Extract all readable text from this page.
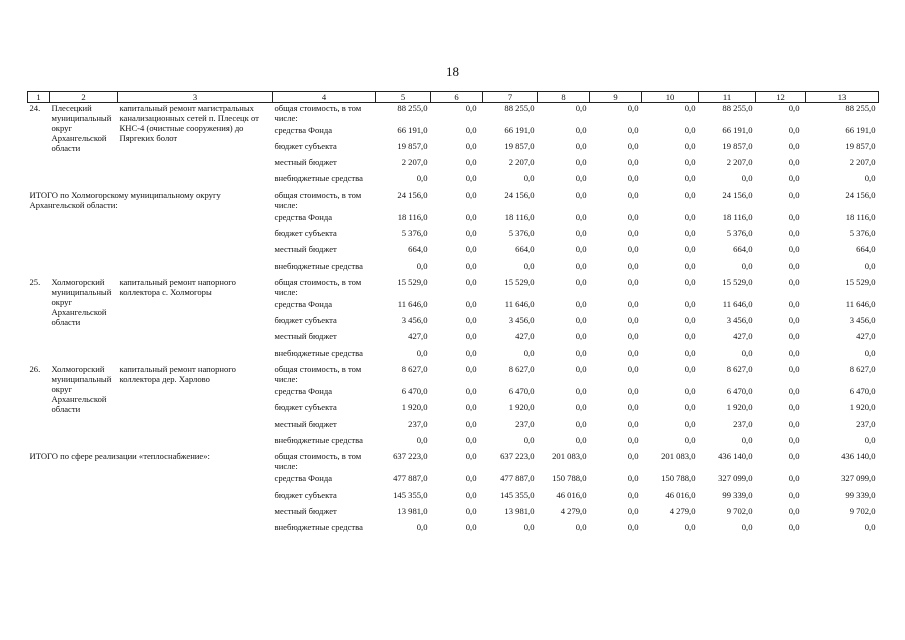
18
1	2	3	4	5	6	7	8	9	10	11	12	13
24.	Плесецкий муниципальный округ Архангельской области	капитальный ремонт магистральных канализационных сетей п. Плесецк от КНС-4 (очистные сооружения) до Пяргеких болот	общая стоимость, в том числе:	88 255,0	0,0	88 255,0	0,0	0,0	0,0	88 255,0	0,0	88 255,0
			средства Фонда	66 191,0	0,0	66 191,0	0,0	0,0	0,0	66 191,0	0,0	66 191,0
			бюджет субъекта	19 857,0	0,0	19 857,0	0,0	0,0	0,0	19 857,0	0,0	19 857,0
			местный бюджет	2 207,0	0,0	2 207,0	0,0	0,0	0,0	2 207,0	0,0	2 207,0
			внебюджетные средства	0,0	0,0	0,0	0,0	0,0	0,0	0,0	0,0	0,0
ИТОГО по Холмогорскому муниципальному округу Архангельской области:			общая стоимость, в том числе:	24 156,0	0,0	24 156,0	0,0	0,0	0,0	24 156,0	0,0	24 156,0
			средства Фонда	18 116,0	0,0	18 116,0	0,0	0,0	0,0	18 116,0	0,0	18 116,0
			бюджет субъекта	5 376,0	0,0	5 376,0	0,0	0,0	0,0	5 376,0	0,0	5 376,0
			местный бюджет	664,0	0,0	664,0	0,0	0,0	0,0	664,0	0,0	664,0
			внебюджетные средства	0,0	0,0	0,0	0,0	0,0	0,0	0,0	0,0	0,0
25.	Холмогорский муниципальный округ Архангельской области	капитальный ремонт напорного коллектора с. Холмогоры	общая стоимость, в том числе:	15 529,0	0,0	15 529,0	0,0	0,0	0,0	15 529,0	0,0	15 529,0
			средства Фонда	11 646,0	0,0	11 646,0	0,0	0,0	0,0	11 646,0	0,0	11 646,0
			бюджет субъекта	3 456,0	0,0	3 456,0	0,0	0,0	0,0	3 456,0	0,0	3 456,0
			местный бюджет	427,0	0,0	427,0	0,0	0,0	0,0	427,0	0,0	427,0
			внебюджетные средства	0,0	0,0	0,0	0,0	0,0	0,0	0,0	0,0	0,0
26.	Холмогорский муниципальный округ Архангельской области	капитальный ремонт напорного коллектора дер. Харлово	общая стоимость, в том числе:	8 627,0	0,0	8 627,0	0,0	0,0	0,0	8 627,0	0,0	8 627,0
			средства Фонда	6 470,0	0,0	6 470,0	0,0	0,0	0,0	6 470,0	0,0	6 470,0
			бюджет субъекта	1 920,0	0,0	1 920,0	0,0	0,0	0,0	1 920,0	0,0	1 920,0
			местный бюджет	237,0	0,0	237,0	0,0	0,0	0,0	237,0	0,0	237,0
			внебюджетные средства	0,0	0,0	0,0	0,0	0,0	0,0	0,0	0,0	0,0
ИТОГО по сфере реализации «теплоснабжение»:			общая стоимость, в том числе:	637 223,0	0,0	637 223,0	201 083,0	0,0	201 083,0	436 140,0	0,0	436 140,0
			средства Фонда	477 887,0	0,0	477 887,0	150 788,0	0,0	150 788,0	327 099,0	0,0	327 099,0
			бюджет субъекта	145 355,0	0,0	145 355,0	46 016,0	0,0	46 016,0	99 339,0	0,0	99 339,0
			местный бюджет	13 981,0	0,0	13 981,0	4 279,0	0,0	4 279,0	9 702,0	0,0	9 702,0
			внебюджетные средства	0,0	0,0	0,0	0,0	0,0	0,0	0,0	0,0	0,0
